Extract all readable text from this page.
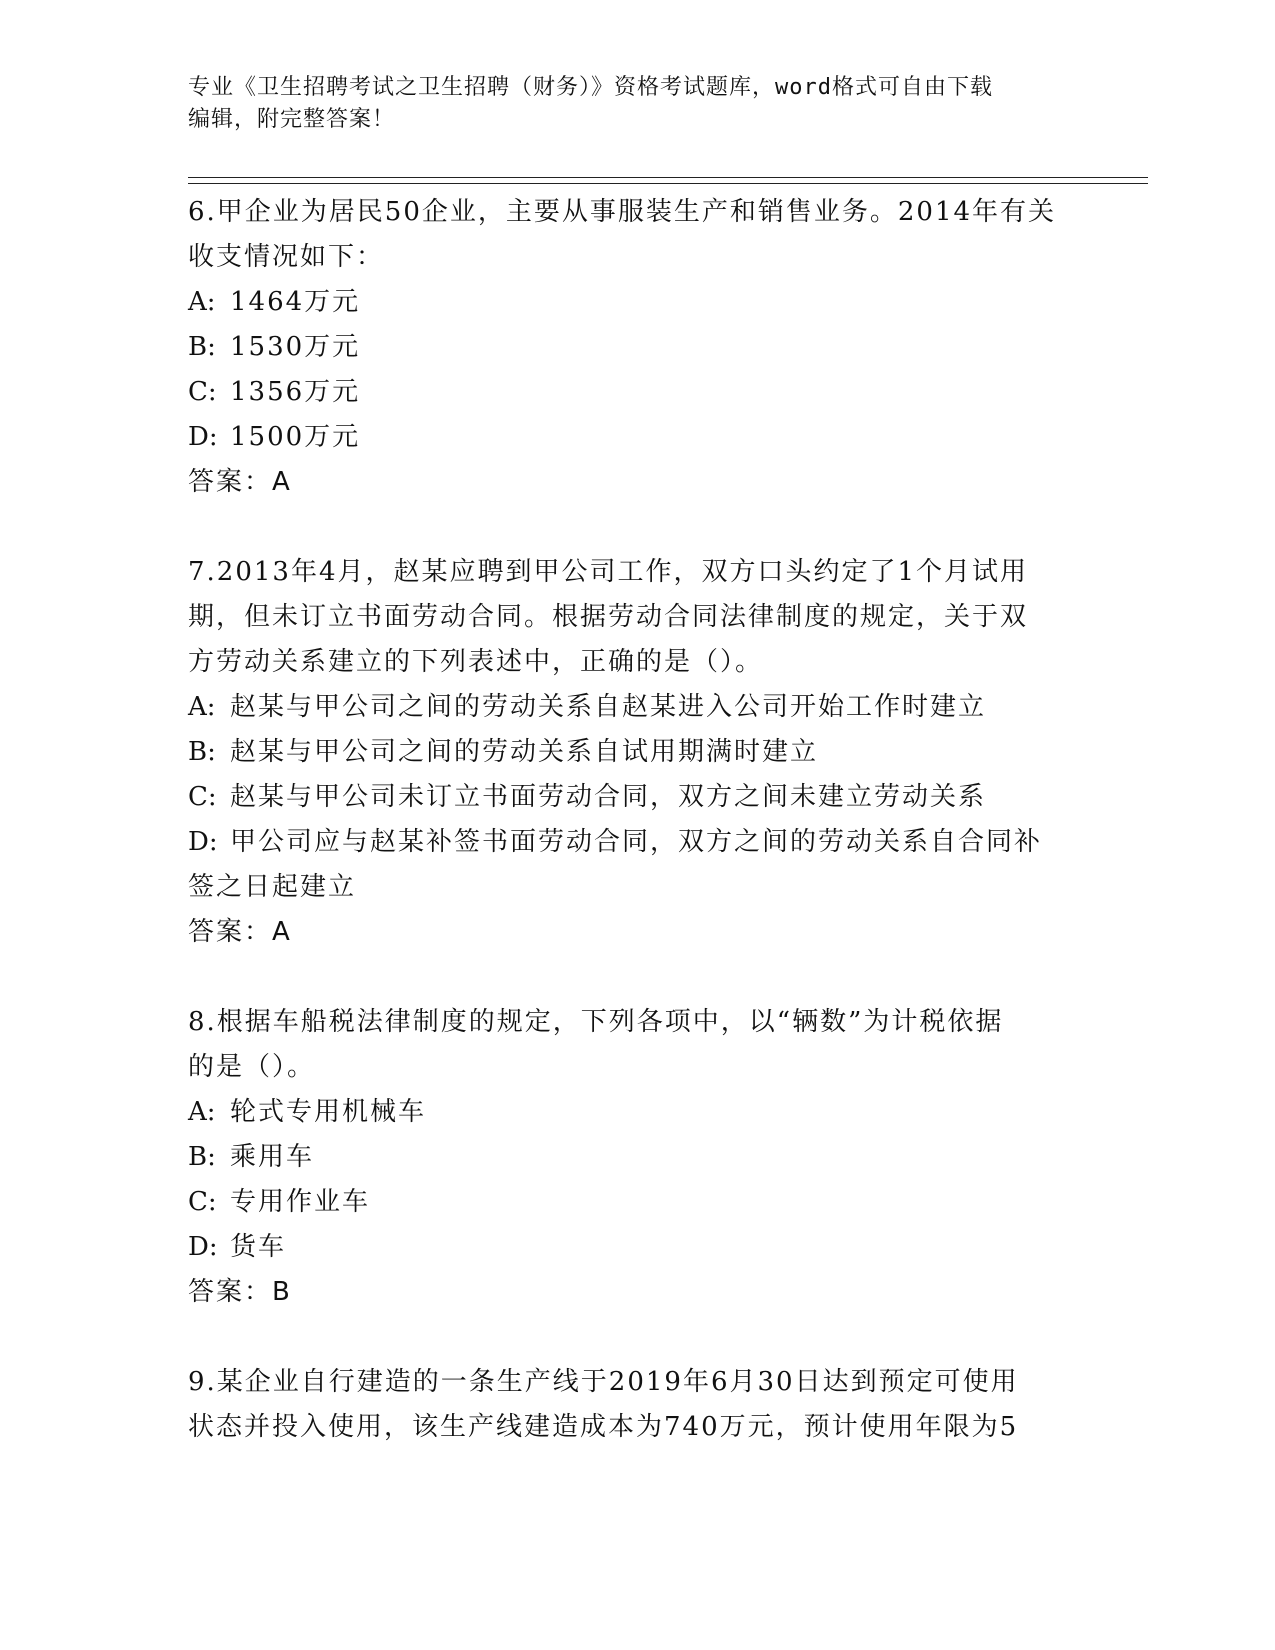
专业《卫生招聘考试之卫生招聘（财务）》资格考试题库，word格式可自由下载
编辑，附完整答案！
6.甲企业为居民50企业，主要从事服装生产和销售业务。2014年有关
收支情况如下：
A: 1464万元
B: 1530万元
C: 1356万元
D: 1500万元
答案：A
7.2013年4月，赵某应聘到甲公司工作，双方口头约定了1个月试用
期，但未订立书面劳动合同。根据劳动合同法律制度的规定，关于双
方劳动关系建立的下列表述中，正确的是（）。
A: 赵某与甲公司之间的劳动关系自赵某进入公司开始工作时建立
B: 赵某与甲公司之间的劳动关系自试用期满时建立
C: 赵某与甲公司未订立书面劳动合同，双方之间未建立劳动关系
D: 甲公司应与赵某补签书面劳动合同，双方之间的劳动关系自合同补
签之日起建立
答案：A
8.根据车船税法律制度的规定，下列各项中，以“辆数”为计税依据
的是（）。
A: 轮式专用机械车
B: 乘用车
C: 专用作业车
D: 货车
答案：B
9.某企业自行建造的一条生产线于2019年6月30日达到预定可使用
状态并投入使用，该生产线建造成本为740万元，预计使用年限为5
